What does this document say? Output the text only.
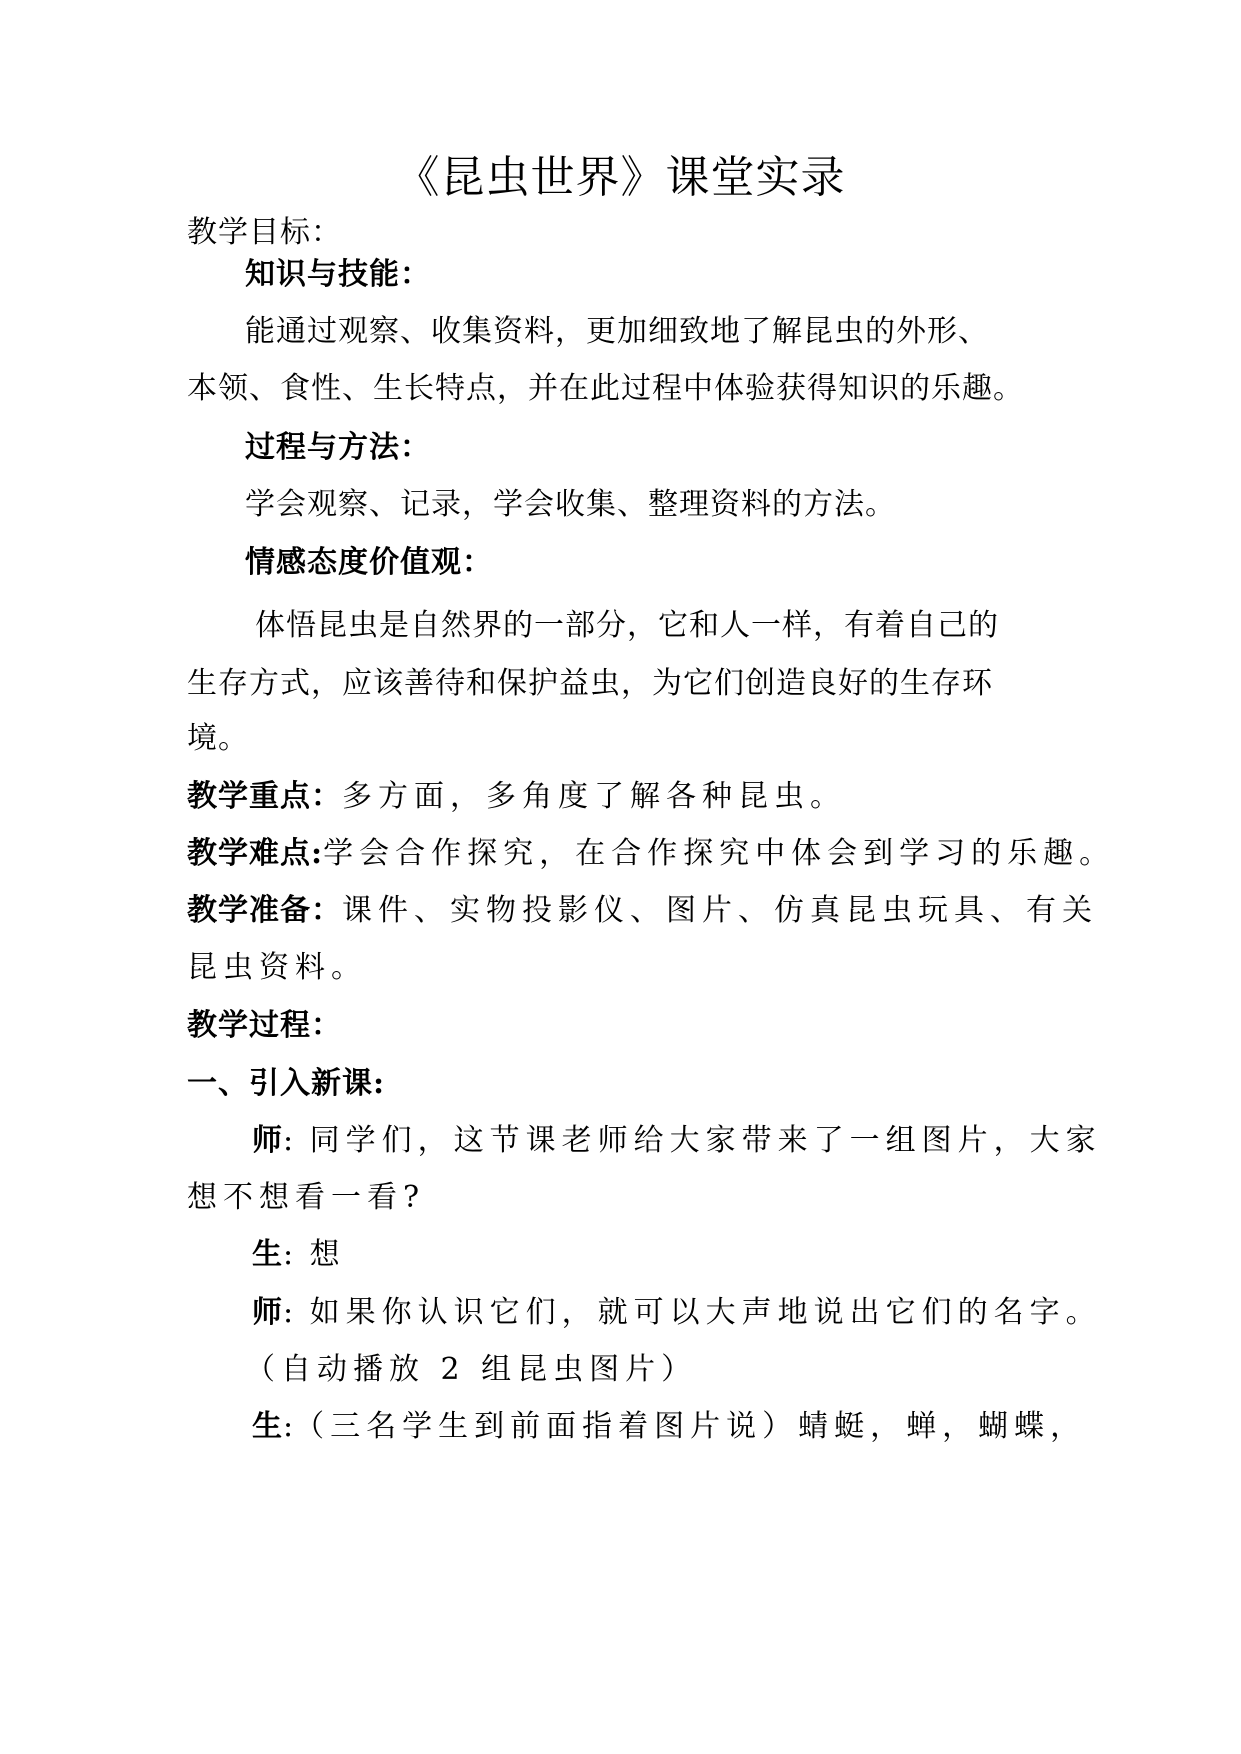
《昆虫世界》课堂实录
教学目标：
知识与技能：
能通过观察、收集资料，更加细致地了解昆虫的外形、
本领、食性、生长特点，并在此过程中体验获得知识的乐趣。
过程与方法：
学会观察、记录，学会收集、整理资料的方法。
情感态度价值观：
体悟昆虫是自然界的一部分，它和人一样，有着自己的
生存方式，应该善待和保护益虫，为它们创造良好的生存环
境。
教学重点：多方面，多角度了解各种昆虫。
教学难点:学会合作探究，在合作探究中体会到学习的乐趣。
教学准备：课件、实物投影仪、图片、仿真昆虫玩具、有关
昆虫资料。
教学过程：
一、引入新课:
师: 同学们，这节课老师给大家带来了一组图片，大家
想不想看一看?
生: 想
师: 如果你认识它们，就可以大声地说出它们的名字。
（自动播放 2 组昆虫图片）
生:（三名学生到前面指着图片说）蜻蜓，蝉，蝴蝶，
